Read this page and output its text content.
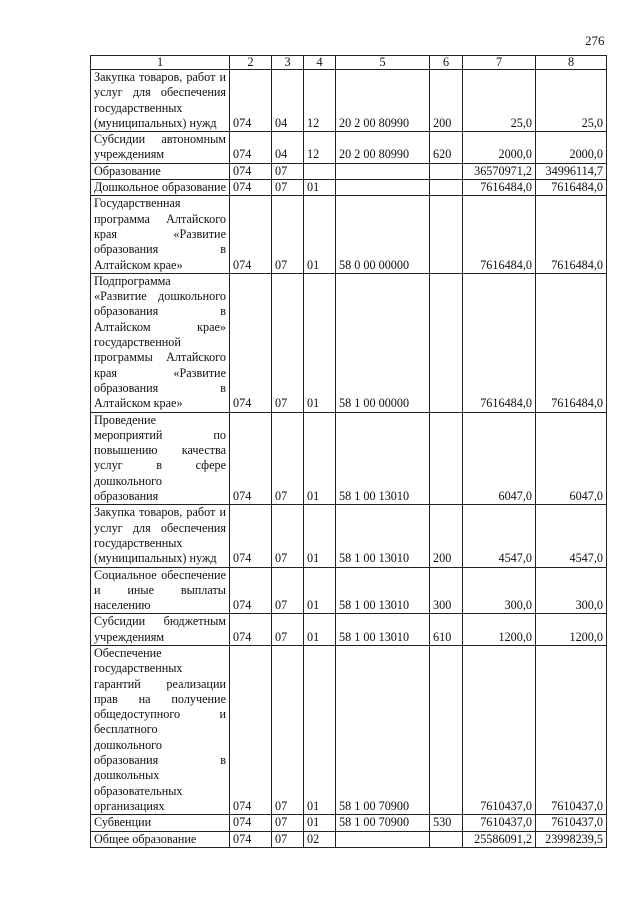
276
1	2	3	4	5	6	7	8
Закупка товаров, работ и услуг для обеспечения государственных (муниципальных) нужд	074	04	12	20 2 00 80990	200	25,0	25,0
Субсидии автономным учреждениям	074	04	12	20 2 00 80990	620	2000,0	2000,0
Образование	074	07				36570971,2	34996114,7
Дошкольное образование	074	07	01			7616484,0	7616484,0
Государственная программа Алтайского края «Развитие образования в Алтайском крае»	074	07	01	58 0 00 00000		7616484,0	7616484,0
Подпрограмма «Развитие дошкольного образования в Алтайском крае» государственной программы Алтайского края «Развитие образования в Алтайском крае»	074	07	01	58 1 00 00000		7616484,0	7616484,0
Проведение мероприятий по повышению качества услуг в сфере дошкольного образования	074	07	01	58 1 00 13010		6047,0	6047,0
Закупка товаров, работ и услуг для обеспечения государственных (муниципальных) нужд	074	07	01	58 1 00 13010	200	4547,0	4547,0
Социальное обеспечение и иные выплаты населению	074	07	01	58 1 00 13010	300	300,0	300,0
Субсидии бюджетным учреждениям	074	07	01	58 1 00 13010	610	1200,0	1200,0
Обеспечение государственных гарантий реализации прав на получение общедоступного и бесплатного дошкольного образования в дошкольных образовательных организациях	074	07	01	58 1 00 70900		7610437,0	7610437,0
Субвенции	074	07	01	58 1 00 70900	530	7610437,0	7610437,0
Общее образование	074	07	02			25586091,2	23998239,5
